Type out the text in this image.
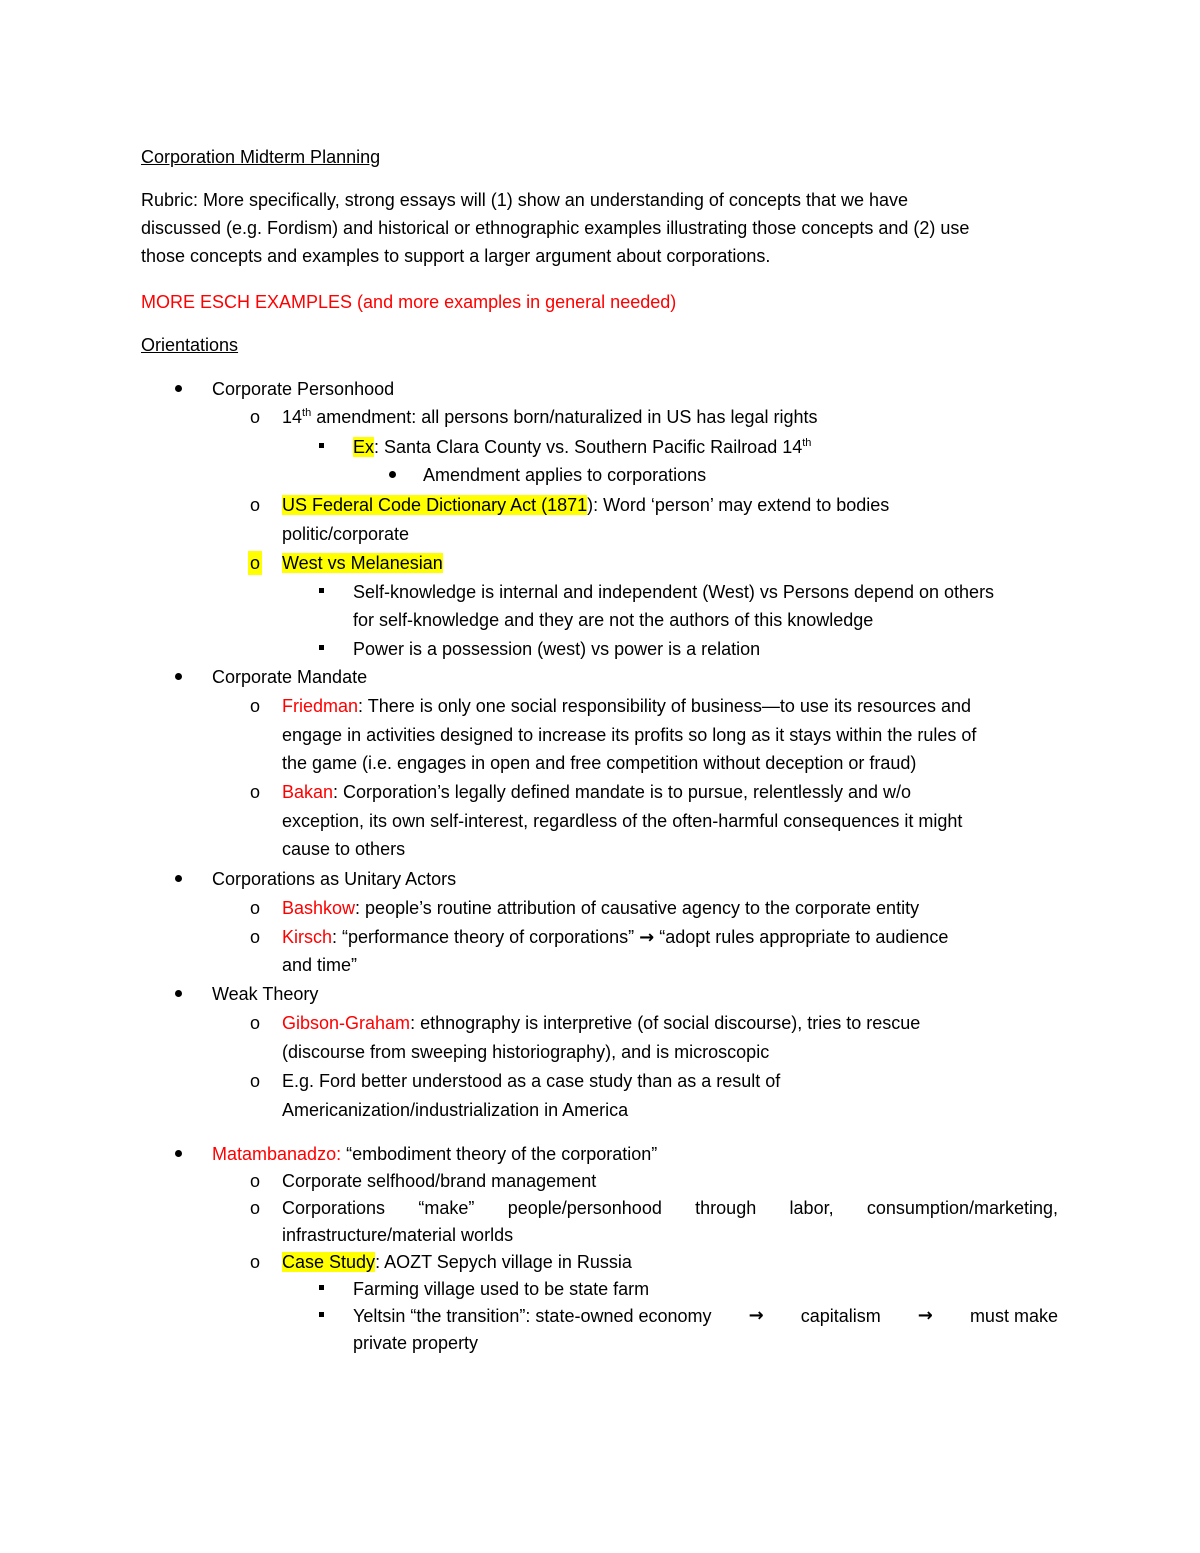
Corporation Midterm Planning
Rubric: More specifically, strong essays will (1) show an understanding of concepts that we have
discussed (e.g. Fordism) and historical or ethnographic examples illustrating those concepts and (2) use
those concepts and examples to support a larger argument about corporations.
MORE ESCH EXAMPLES (and more examples in general needed)
Orientations
Corporate Personhood
o 14th amendment: all persons born/naturalized in US has legal rights
Ex: Santa Clara County vs. Southern Pacific Railroad 14th
Amendment applies to corporations
o US Federal Code Dictionary Act (1871): Word ‘person’ may extend to bodies
politic/corporate
o West vs Melanesian
Self-knowledge is internal and independent (West) vs Persons depend on others
for self-knowledge and they are not the authors of this knowledge
Power is a possession (west) vs power is a relation
Corporate Mandate
o Friedman: There is only one social responsibility of business—to use its resources and
engage in activities designed to increase its profits so long as it stays within the rules of
the game (i.e. engages in open and free competition without deception or fraud)
o Bakan: Corporation’s legally defined mandate is to pursue, relentlessly and w/o
exception, its own self-interest, regardless of the often-harmful consequences it might
cause to others
Corporations as Unitary Actors
o Bashkow: people’s routine attribution of causative agency to the corporate entity
o Kirsch: “performance theory of corporations” → “adopt rules appropriate to audience
and time”
Weak Theory
o Gibson-Graham: ethnography is interpretive (of social discourse), tries to rescue
(discourse from sweeping historiography), and is microscopic
o E.g. Ford better understood as a case study than as a result of
Americanization/industrialization in America
Matambanadzo: “embodiment theory of the corporation”
o Corporate selfhood/brand management
o Corporations “make” people/personhood through labor, consumption/marketing,
infrastructure/material worlds
o Case Study: AOZT Sepych village in Russia
Farming village used to be state farm
Yeltsin “the transition”: state-owned economy → capitalism → must make
private property
